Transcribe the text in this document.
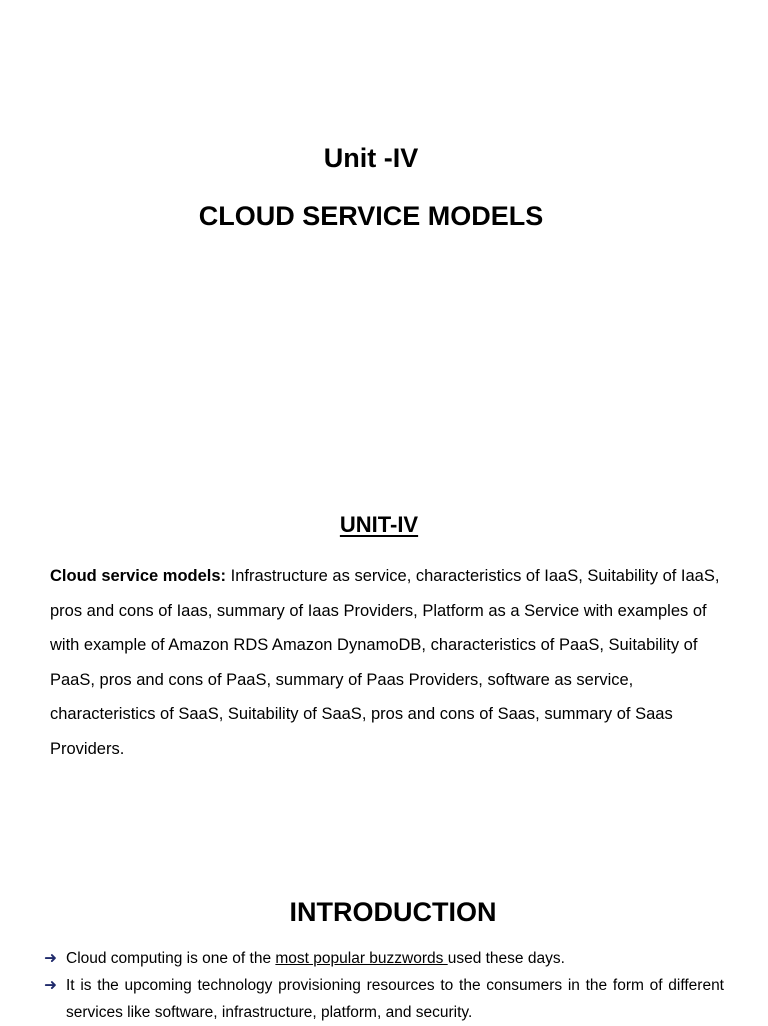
Unit -IV
CLOUD SERVICE MODELS
UNIT-IV

Cloud service models: Infrastructure as service, characteristics of IaaS, Suitability of IaaS, pros and cons of Iaas, summary of Iaas Providers, Platform as a Service with examples of with example of Amazon RDS Amazon DynamoDB, characteristics of PaaS, Suitability of PaaS, pros and cons of PaaS, summary of Paas Providers, software as service, characteristics of SaaS, Suitability of SaaS, pros and cons of Saas, summary of Saas Providers.

INTRODUCTION
➜ Cloud computing is one of the most popular buzzwords used these days.
➜ It is the upcoming technology provisioning resources to the consumers in the form of different services like software, infrastructure, platform, and security.
